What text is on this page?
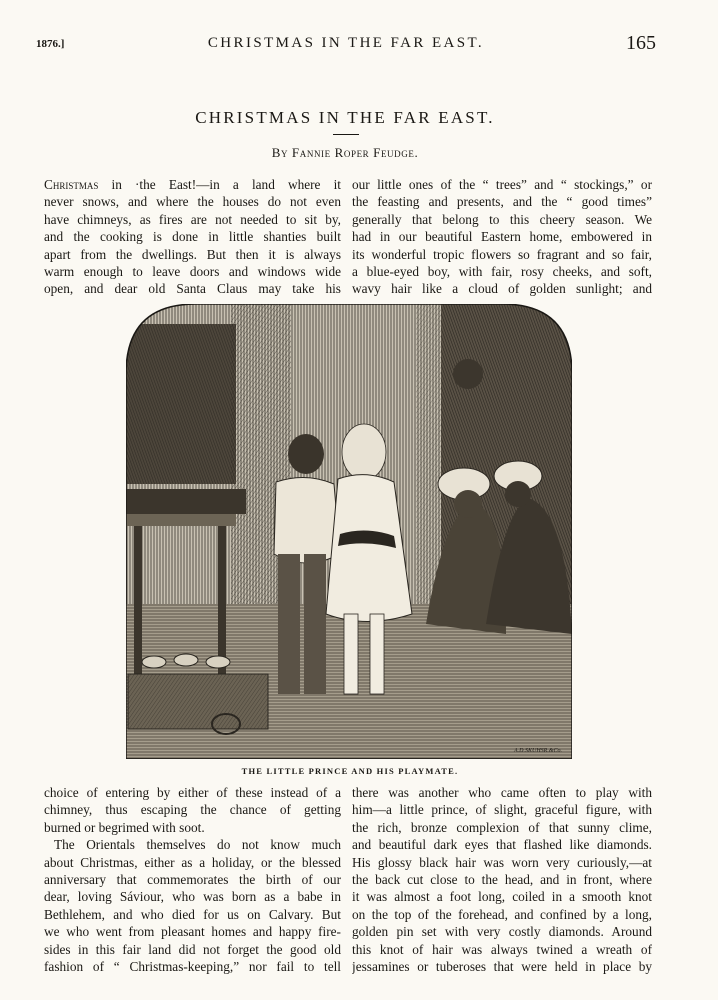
1876.]	CHRISTMAS IN THE FAR EAST.	165
CHRISTMAS IN THE FAR EAST.
By Fannie Roper Feudge.
Christmas in ·the East!—in a land where it
never snows, and where the houses do not even
have chimneys, as fires are not needed to sit by,
and the cooking is done in little shanties built
apart from the dwellings. But then it is always
warm enough to leave doors and windows wide
open, and dear old Santa Claus may take his
our little ones of the “ trees” and “ stockings,” or
the feasting and presents, and the “ good times”
generally that belong to this cheery season. We
had in our beautiful Eastern home, embowered in
its wonderful tropic flowers so fragrant and so fair,
a blue-eyed boy, with fair, rosy cheeks, and soft,
wavy hair like a cloud of golden sunlight; and
A.D.SKUHSR.&Co.
THE LITTLE PRINCE AND HIS PLAYMATE.
choice of entering by either of these instead of a
chimney, thus escaping the chance of getting
burned or begrimed with soot.
The Orientals themselves do not know much
about Christmas, either as a holiday, or the blessed
anniversary that commemorates the birth of our
dear, loving Sáviour, who was born as a babe in
Bethlehem, and who died for us on Calvary. But
we who went from pleasant homes and happy fire-
sides in this fair land did not forget the good old
fashion of “ Christmas-keeping,” nor fail to tell
there was another who came often to play with
him—a little prince, of slight, graceful figure, with
the rich, bronze complexion of that sunny clime,
and beautiful dark eyes that flashed like diamonds.
His glossy black hair was worn very curiously,—at
the back cut close to the head, and in front, where
it was almost a foot long, coiled in a smooth knot
on the top of the forehead, and confined by a long,
golden pin set with very costly diamonds. Around
this knot of hair was always twined a wreath of
jessamines or tuberoses that were held in place by
